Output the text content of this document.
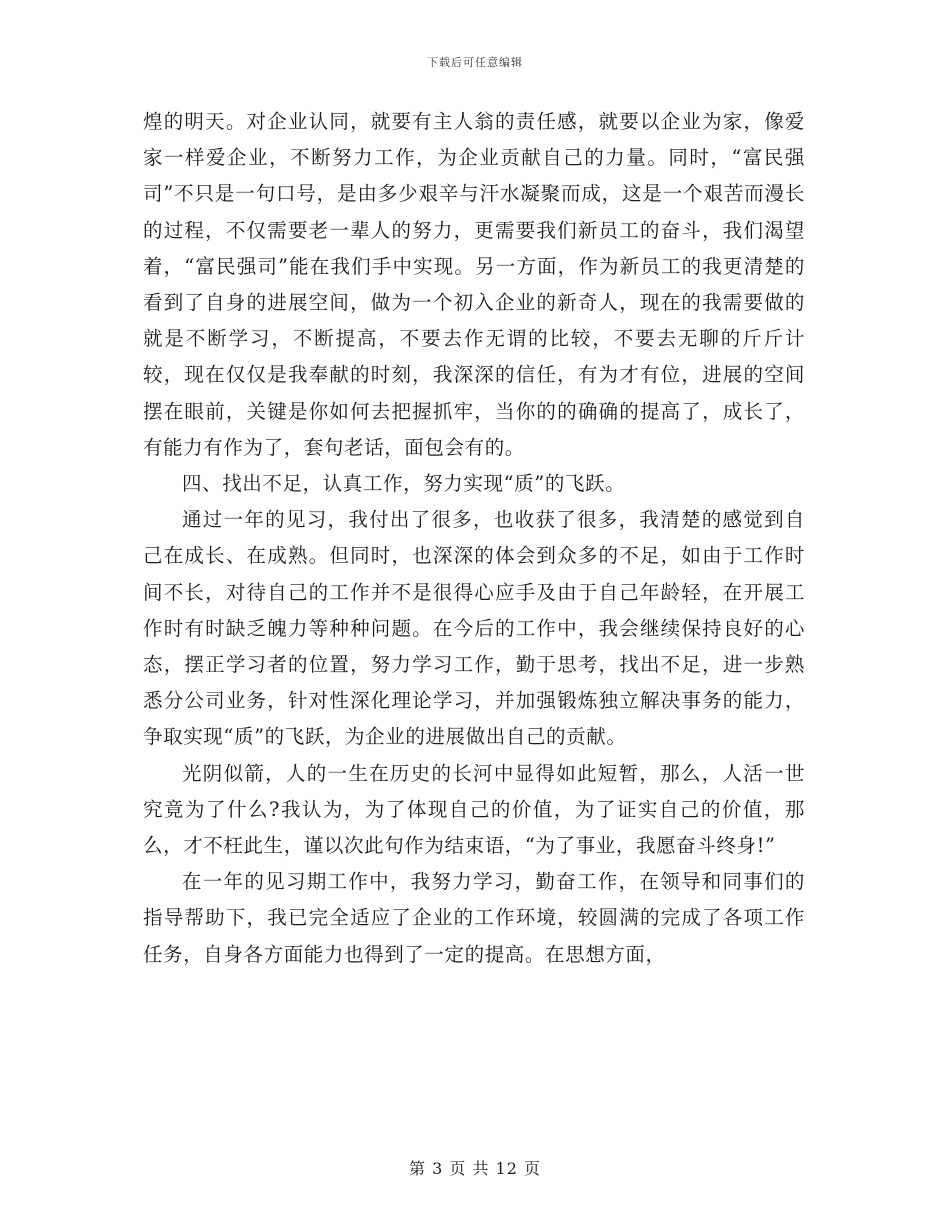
下载后可任意编辑

煌的明天。对企业认同，就要有主人翁的责任感，就要以企业为家，像爱家一样爱企业，不断努力工作，为企业贡献自己的力量。同时，“富民强司”不只是一句口号，是由多少艰辛与汗水凝聚而成，这是一个艰苦而漫长的过程，不仅需要老一辈人的努力，更需要我们新员工的奋斗，我们渴望着，“富民强司”能在我们手中实现。另一方面，作为新员工的我更清楚的看到了自身的进展空间，做为一个初入企业的新奇人，现在的我需要做的就是不断学习，不断提高，不要去作无谓的比较，不要去无聊的斤斤计较，现在仅仅是我奉献的时刻，我深深的信任，有为才有位，进展的空间摆在眼前，关键是你如何去把握抓牢，当你的的确确的提高了，成长了，有能力有作为了，套句老话，面包会有的。

四、找出不足，认真工作，努力实现“质”的飞跃。

通过一年的见习，我付出了很多，也收获了很多，我清楚的感觉到自己在成长、在成熟。但同时，也深深的体会到众多的不足，如由于工作时间不长，对待自己的工作并不是很得心应手及由于自己年龄轻，在开展工作时有时缺乏魄力等种种问题。在今后的工作中，我会继续保持良好的心态，摆正学习者的位置，努力学习工作，勤于思考，找出不足，进一步熟悉分公司业务，针对性深化理论学习，并加强锻炼独立解决事务的能力，争取实现“质”的飞跃，为企业的进展做出自己的贡献。

光阴似箭，人的一生在历史的长河中显得如此短暂，那么，人活一世究竟为了什么?我认为，为了体现自己的价值，为了证实自己的价值，那么，才不枉此生，谨以次此句作为结束语，“为了事业，我愿奋斗终身!”

在一年的见习期工作中，我努力学习，勤奋工作，在领导和同事们的指导帮助下，我已完全适应了企业的工作环境，较圆满的完成了各项工作任务，自身各方面能力也得到了一定的提高。在思想方面，

第 3 页 共 12 页
